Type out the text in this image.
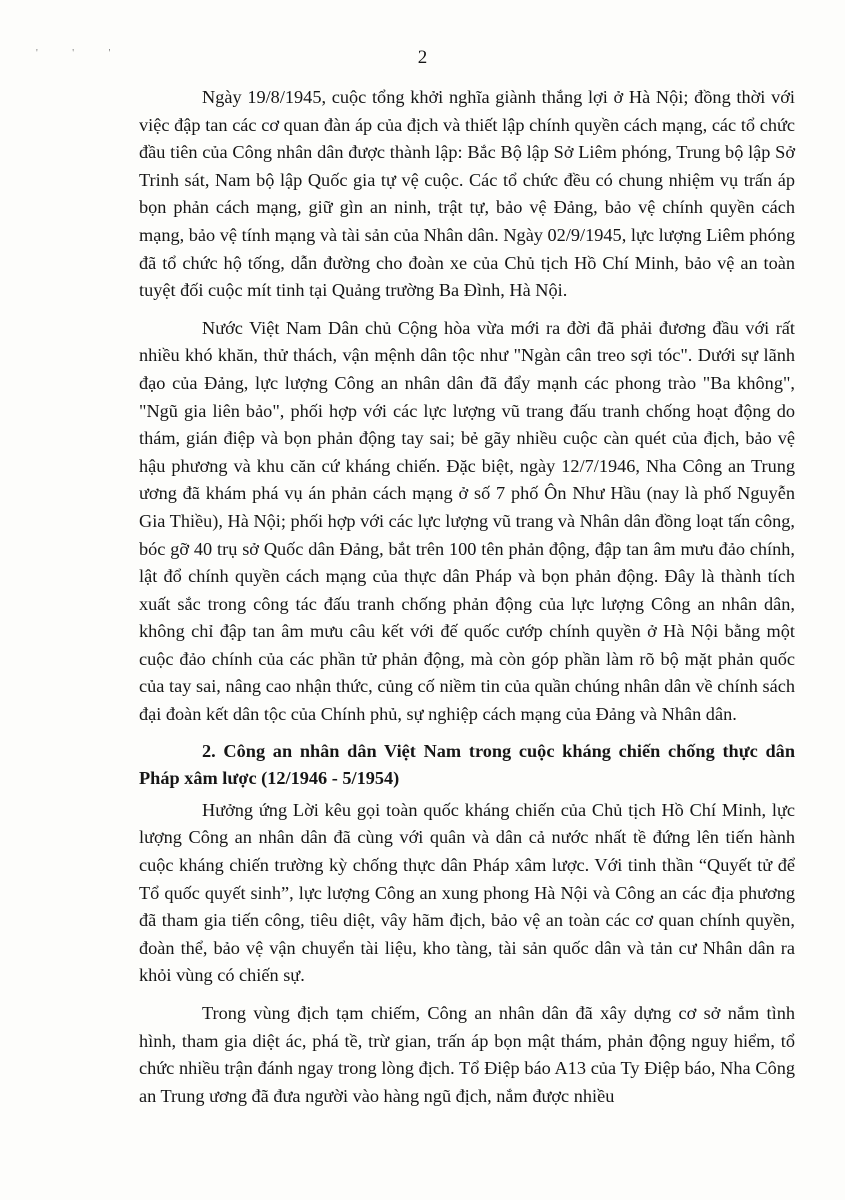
' ' '	2

Ngày 19/8/1945, cuộc tổng khởi nghĩa giành thắng lợi ở Hà Nội; đồng thời với việc đập tan các cơ quan đàn áp của địch và thiết lập chính quyền cách mạng, các tổ chức đầu tiên của Công nhân dân được thành lập: Bắc Bộ lập Sở Liêm phóng, Trung bộ lập Sở Trinh sát, Nam bộ lập Quốc gia tự vệ cuộc. Các tổ chức đều có chung nhiệm vụ trấn áp bọn phản cách mạng, giữ gìn an ninh, trật tự, bảo vệ Đảng, bảo vệ chính quyền cách mạng, bảo vệ tính mạng và tài sản của Nhân dân. Ngày 02/9/1945, lực lượng Liêm phóng đã tổ chức hộ tống, dẫn đường cho đoàn xe của Chủ tịch Hồ Chí Minh, bảo vệ an toàn tuyệt đối cuộc mít tinh tại Quảng trường Ba Đình, Hà Nội.

Nước Việt Nam Dân chủ Cộng hòa vừa mới ra đời đã phải đương đầu với rất nhiều khó khăn, thử thách, vận mệnh dân tộc như "Ngàn cân treo sợi tóc". Dưới sự lãnh đạo của Đảng, lực lượng Công an nhân dân đã đẩy mạnh các phong trào "Ba không", "Ngũ gia liên bảo", phối hợp với các lực lượng vũ trang đấu tranh chống hoạt động do thám, gián điệp và bọn phản động tay sai; bẻ gãy nhiều cuộc càn quét của địch, bảo vệ hậu phương và khu căn cứ kháng chiến. Đặc biệt, ngày 12/7/1946, Nha Công an Trung ương đã khám phá vụ án phản cách mạng ở số 7 phố Ôn Như Hầu (nay là phố Nguyễn Gia Thiều), Hà Nội; phối hợp với các lực lượng vũ trang và Nhân dân đồng loạt tấn công, bóc gỡ 40 trụ sở Quốc dân Đảng, bắt trên 100 tên phản động, đập tan âm mưu đảo chính, lật đổ chính quyền cách mạng của thực dân Pháp và bọn phản động. Đây là thành tích xuất sắc trong công tác đấu tranh chống phản động của lực lượng Công an nhân dân, không chỉ đập tan âm mưu câu kết với đế quốc cướp chính quyền ở Hà Nội bằng một cuộc đảo chính của các phần tử phản động, mà còn góp phần làm rõ bộ mặt phản quốc của tay sai, nâng cao nhận thức, củng cố niềm tin của quần chúng nhân dân về chính sách đại đoàn kết dân tộc của Chính phủ, sự nghiệp cách mạng của Đảng và Nhân dân.

2. Công an nhân dân Việt Nam trong cuộc kháng chiến chống thực dân Pháp xâm lược (12/1946 - 5/1954)

Hưởng ứng Lời kêu gọi toàn quốc kháng chiến của Chủ tịch Hồ Chí Minh, lực lượng Công an nhân dân đã cùng với quân và dân cả nước nhất tề đứng lên tiến hành cuộc kháng chiến trường kỳ chống thực dân Pháp xâm lược. Với tinh thần “Quyết tử để Tổ quốc quyết sinh”, lực lượng Công an xung phong Hà Nội và Công an các địa phương đã tham gia tiến công, tiêu diệt, vây hãm địch, bảo vệ an toàn các cơ quan chính quyền, đoàn thể, bảo vệ vận chuyển tài liệu, kho tàng, tài sản quốc dân và tản cư Nhân dân ra khỏi vùng có chiến sự.

Trong vùng địch tạm chiếm, Công an nhân dân đã xây dựng cơ sở nắm tình hình, tham gia diệt ác, phá tề, trừ gian, trấn áp bọn mật thám, phản động nguy hiểm, tổ chức nhiều trận đánh ngay trong lòng địch. Tổ Điệp báo A13 của Ty Điệp báo, Nha Công an Trung ương đã đưa người vào hàng ngũ địch, nắm được nhiều
